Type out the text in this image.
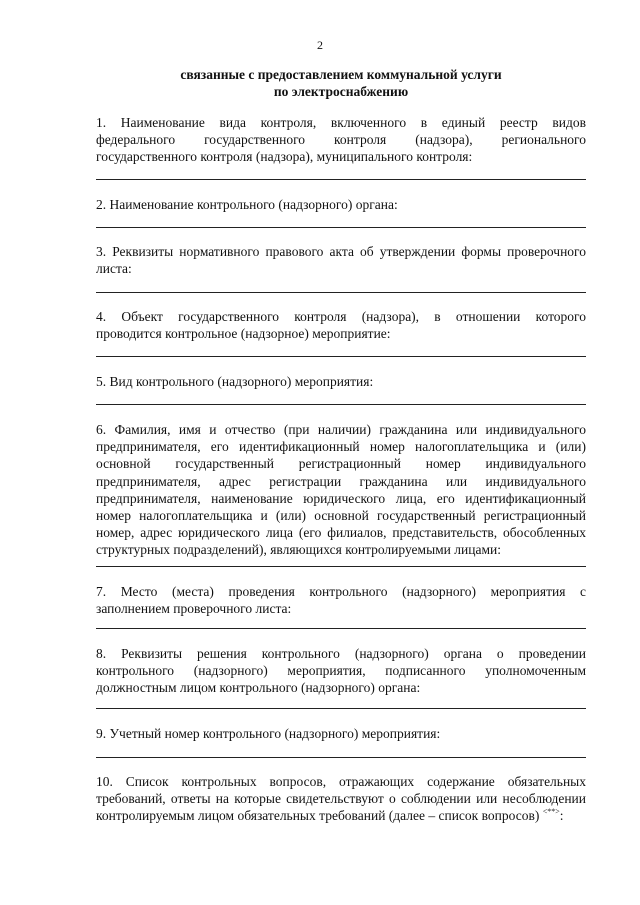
2
связанные с предоставлением коммунальной услуги
по электроснабжению
1. Наименование вида контроля, включенного в единый реестр видов
федерального государственного контроля (надзора), регионального
государственного контроля (надзора), муниципального контроля:
2. Наименование контрольного (надзорного) органа:
3. Реквизиты нормативного правового акта об утверждении формы проверочного
листа:
4. Объект государственного контроля (надзора), в отношении которого
проводится контрольное (надзорное) мероприятие:
5. Вид контрольного (надзорного) мероприятия:
6. Фамилия, имя и отчество (при наличии) гражданина или индивидуального
предпринимателя, его идентификационный номер налогоплательщика и (или)
основной государственный регистрационный номер индивидуального
предпринимателя, адрес регистрации гражданина или индивидуального
предпринимателя, наименование юридического лица, его идентификационный
номер налогоплательщика и (или) основной государственный регистрационный
номер, адрес юридического лица (его филиалов, представительств, обособленных
структурных подразделений), являющихся контролируемыми лицами:
7. Место (места) проведения контрольного (надзорного) мероприятия с
заполнением проверочного листа:
8. Реквизиты решения контрольного (надзорного) органа о проведении
контрольного (надзорного) мероприятия, подписанного уполномоченным
должностным лицом контрольного (надзорного) органа:
9. Учетный номер контрольного (надзорного) мероприятия:
10. Список контрольных вопросов, отражающих содержание обязательных
требований, ответы на которые свидетельствуют о соблюдении или несоблюдении
контролируемым лицом обязательных требований (далее – список вопросов) <**>:
